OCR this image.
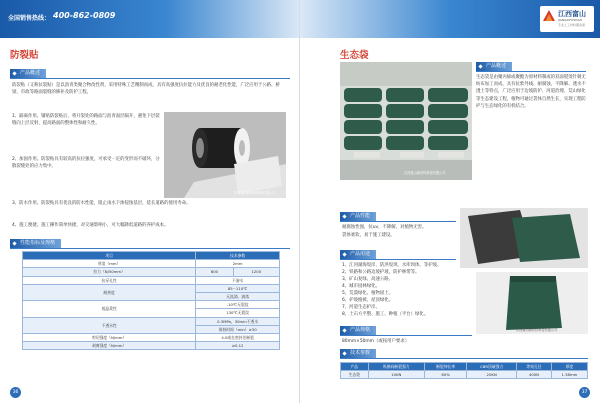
全国销售热线： 400-862-0809
防裂贴
产品概述
防裂贴（又称抗裂贴）是以沥青类聚合物改性剂，采用特殊工艺精制而成，具有高强度抗拉能力及优良的耐老化性能，广泛应用于公路、桥梁、市政等路面裂缝的修补及防护工程。
1、隔离作用。铺贴防裂贴后，将开裂处的路面与沥青面层隔开，避免下层裂缝向上层反射，提高路面的整体性和耐久性。
2、加固作用。防裂贴具有较高的抗拉强度，可承受一定的变形而不破坏，分散裂缝处的应力集中。
3、防水作用。防裂贴具有优良的防水性能，阻止雨水下渗侵蚀基层，延长道路的使用寿命。
4、施工便捷。施工操作简单快捷，对交通影响小，可大幅降低道路的养护成本。
江西富山新材料科技有限公司
性能指标及规格
项目	技术参数	
厚度（mm）	2mm	
拉力（N/50mm）	800	1200
抗穿孔性	不渗水	
耐热度	85~110℃	
	无流淌、滴落	
低温柔性	-10℃无裂纹	
	130℃无裂纹	
不透水性	0.3MPa，30min不透水	
	保持时间（min）≥30	
剪切强度（N/mm）	4.0或在密封处断裂	
剥离强度（N/mm）	≥0.12	
36
江西富山
JIANGXIFUSHAN
专业土工材料服务商
生态袋
江西富山新材料科技有限公司
产品概述
生态袋是由聚丙烯或聚酯为原材料制成的双面熨烫针刺无纺布加工而成，具有抗紫外线、耐腐蚀、不降解、透水不透土等特点，广泛应用于边坡防护、河道治理、荒山绿化等生态建设工程，植物可通过袋体自然生长，实现工程防护与生态绿化的有机结合。
产品性能
耐腐蚀性强，抗uv，不降解，对植物无害。
袋体柔软，易于施工建设。
产品用途
1、江河湖海堤岸、防洪堤坝、水库坝体、等护坡。
2、铁路和公路边坡护坡、防护林带等。
3、矿山复绿、高速公路。
4、城市园林绿化。
5、荒漠绿化、植物固土。
6、护坡植被、屋顶绿化。
7、河道生态护岸。
8、土石方平整、施工、种植（平台）绿化。
江西富山新材料科技有限公司
产品规格
80mm×50mm（或按用户要求）
技术参数
产品	纵横向断裂强力	断裂伸长率	CBR顶破强力	等效孔径	厚度
生态袋	10KN	60%	20KN	400N	1.38mm
37
